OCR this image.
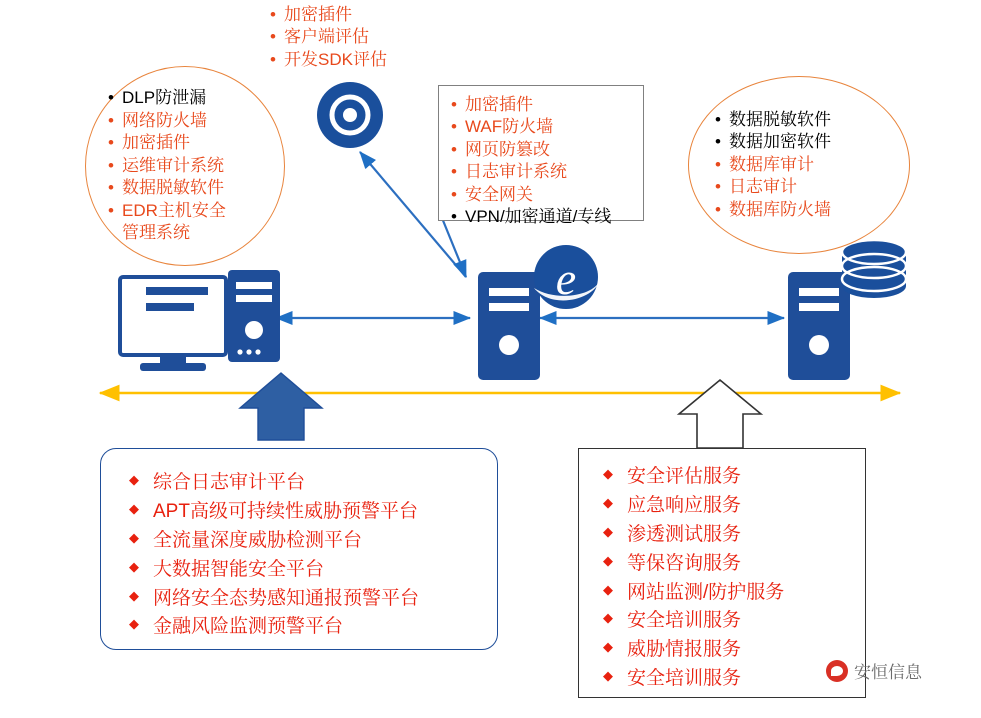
e
• 加密插件
• 客户端评估
• 开发SDK评估
• DLP防泄漏
• 网络防火墙
• 加密插件
• 运维审计系统
• 数据脱敏软件
• EDR主机安全
管理系统
• 加密插件
• WAF防火墙
• 网页防篡改
• 日志审计系统
• 安全网关
• VPN/加密通道/专线
• 数据脱敏软件
• 数据加密软件
• 数据库审计
• 日志审计
• 数据库防火墙
◆ 综合日志审计平台
◆ APT高级可持续性威胁预警平台
◆ 全流量深度威胁检测平台
◆ 大数据智能安全平台
◆ 网络安全态势感知通报预警平台
◆ 金融风险监测预警平台
◆ 安全评估服务
◆ 应急响应服务
◆ 渗透测试服务
◆ 等保咨询服务
◆ 网站监测/防护服务
◆ 安全培训服务
◆ 威胁情报服务
◆ 安全培训服务	安恒信息
